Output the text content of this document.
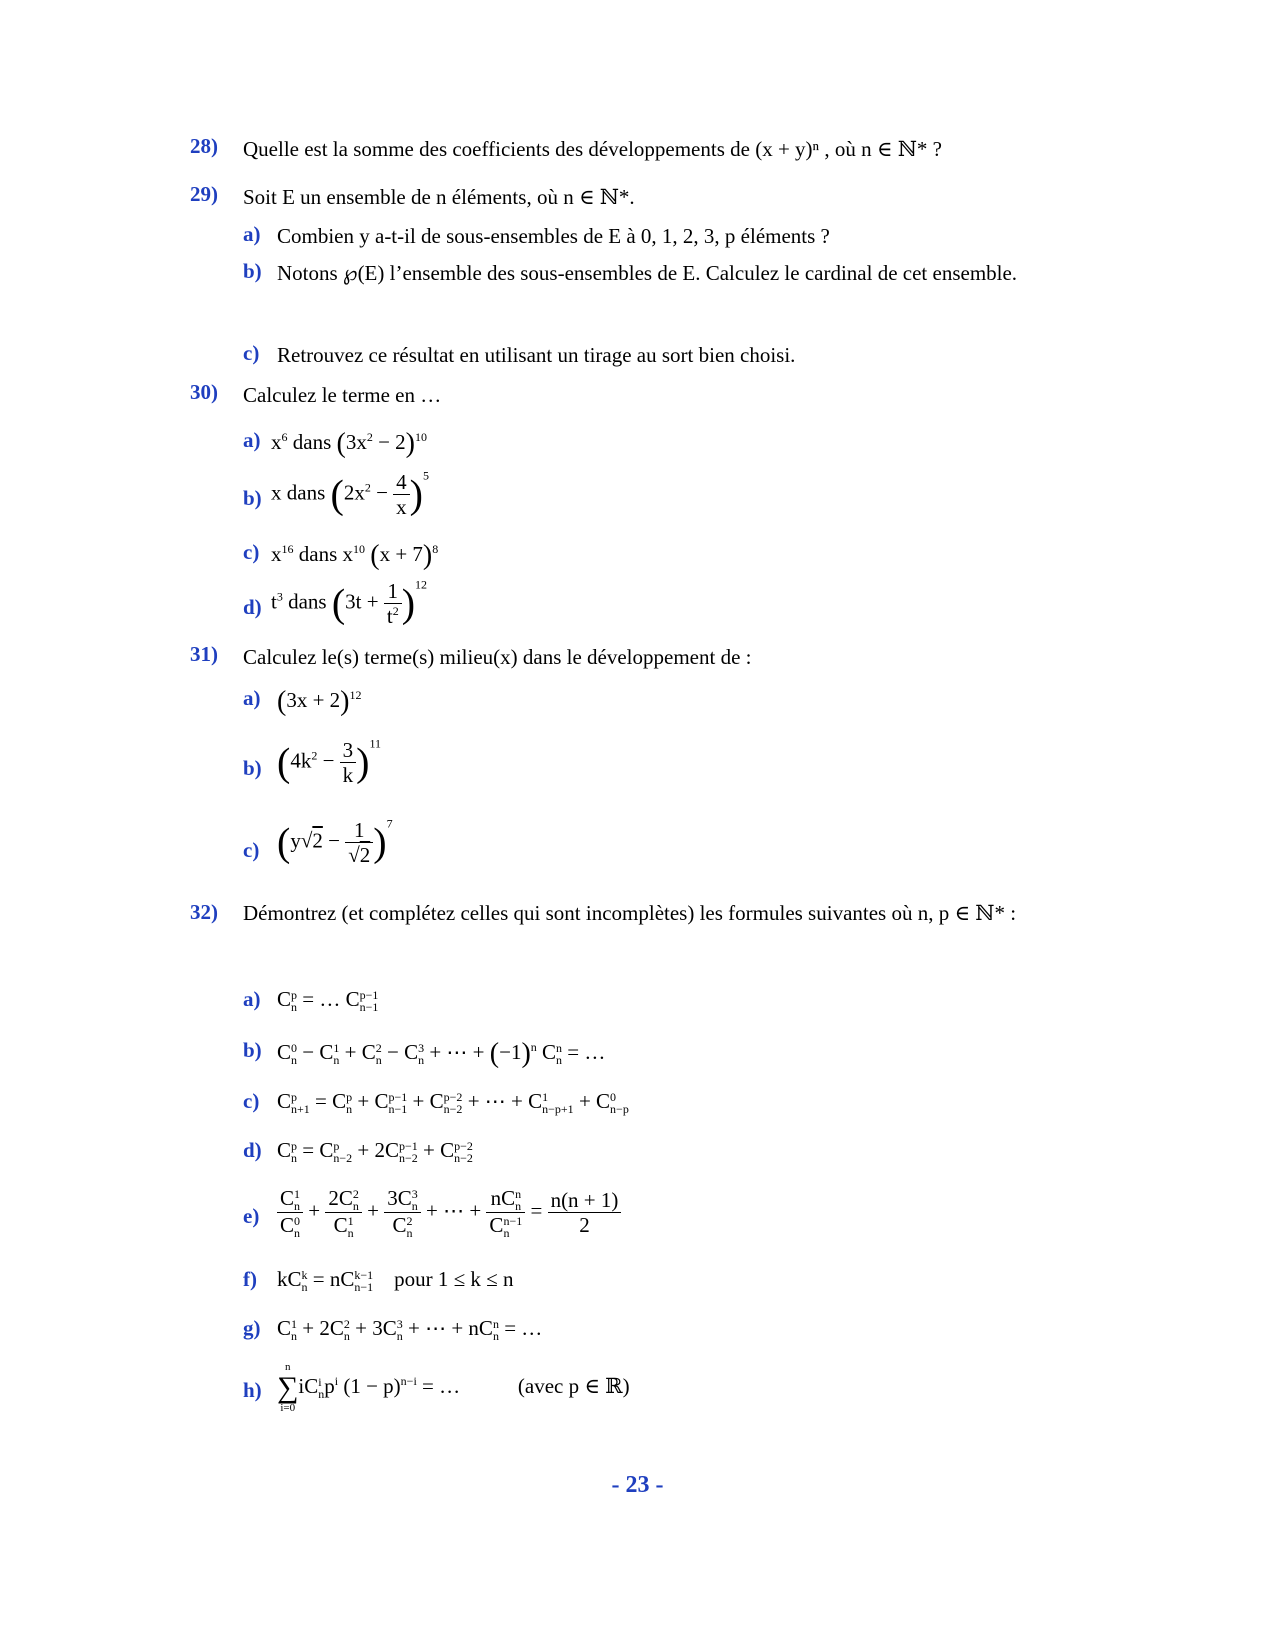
28) Quelle est la somme des coefficients des développements de (x + y)ⁿ , où n ∈ ℕ* ?
29) Soit E un ensemble de n éléments, où n ∈ ℕ*.
a) Combien y a-t-il de sous-ensembles de E à 0, 1, 2, 3, p éléments ?
b) Notons ℘(E) l’ensemble des sous-ensembles de E. Calculez le cardinal de cet ensemble.
c) Retrouvez ce résultat en utilisant un tirage au sort bien choisi.
30) Calculez le terme en …
a) $x^6$ dans $(3x^2 - 2)^{10}$
b) x dans $(2x^2 - \frac{4}{x} )^5$
c) $x^{16}$ dans $x^{10}$ $(x + 7)^8$
d) $t^3$ dans $(3t + \frac{1}{t^2} )^{12}$
31) Calculez le(s) terme(s) milieu(x) dans le développement de :
a) $(3x + 2)^{12}$
b) $(4k^2 - \frac{3}{k} )^{11}$
c) $(y√2 - \frac{1}{√2} )^7$
32) Démontrez (et complétez celles qui sont incomplètes) les formules suivantes où n, p ∈ ℕ* :
a) C p
n = … C p−1
n−1
b) C 0
n − C 1
n + C 2
n − C 3
n + ⋯ + $(-1)^n$ C n
n = …
c) C p
n+1 = C p
n + C p−1
n−1 + C p−2
n−2 + ⋯ + C 1
n−p+1 + C 0
n−p
d) C p
n = C p
n−2 + 2C p−1
n−2 + C p−2
n−2
e) C 1
n
C 0
n + 2C 2
n
C 1
n + 3C 3
n
C 2
n + ⋯ + nC n
n
C n−1
$n = \frac{n(n + 1)}{2}$
f) kC k
n = nC k−1
n−1 pour 1 ≤ k ≤ n
g) C 1
n + 2C 2
n + 3C 3
n + ⋯ + nC n
n = …
h)
n
∑
i=0
iC i
n $p^i$ $(1 - p)^{n-i}$ = …           (avec p ∈ ℝ)
- 23 -
